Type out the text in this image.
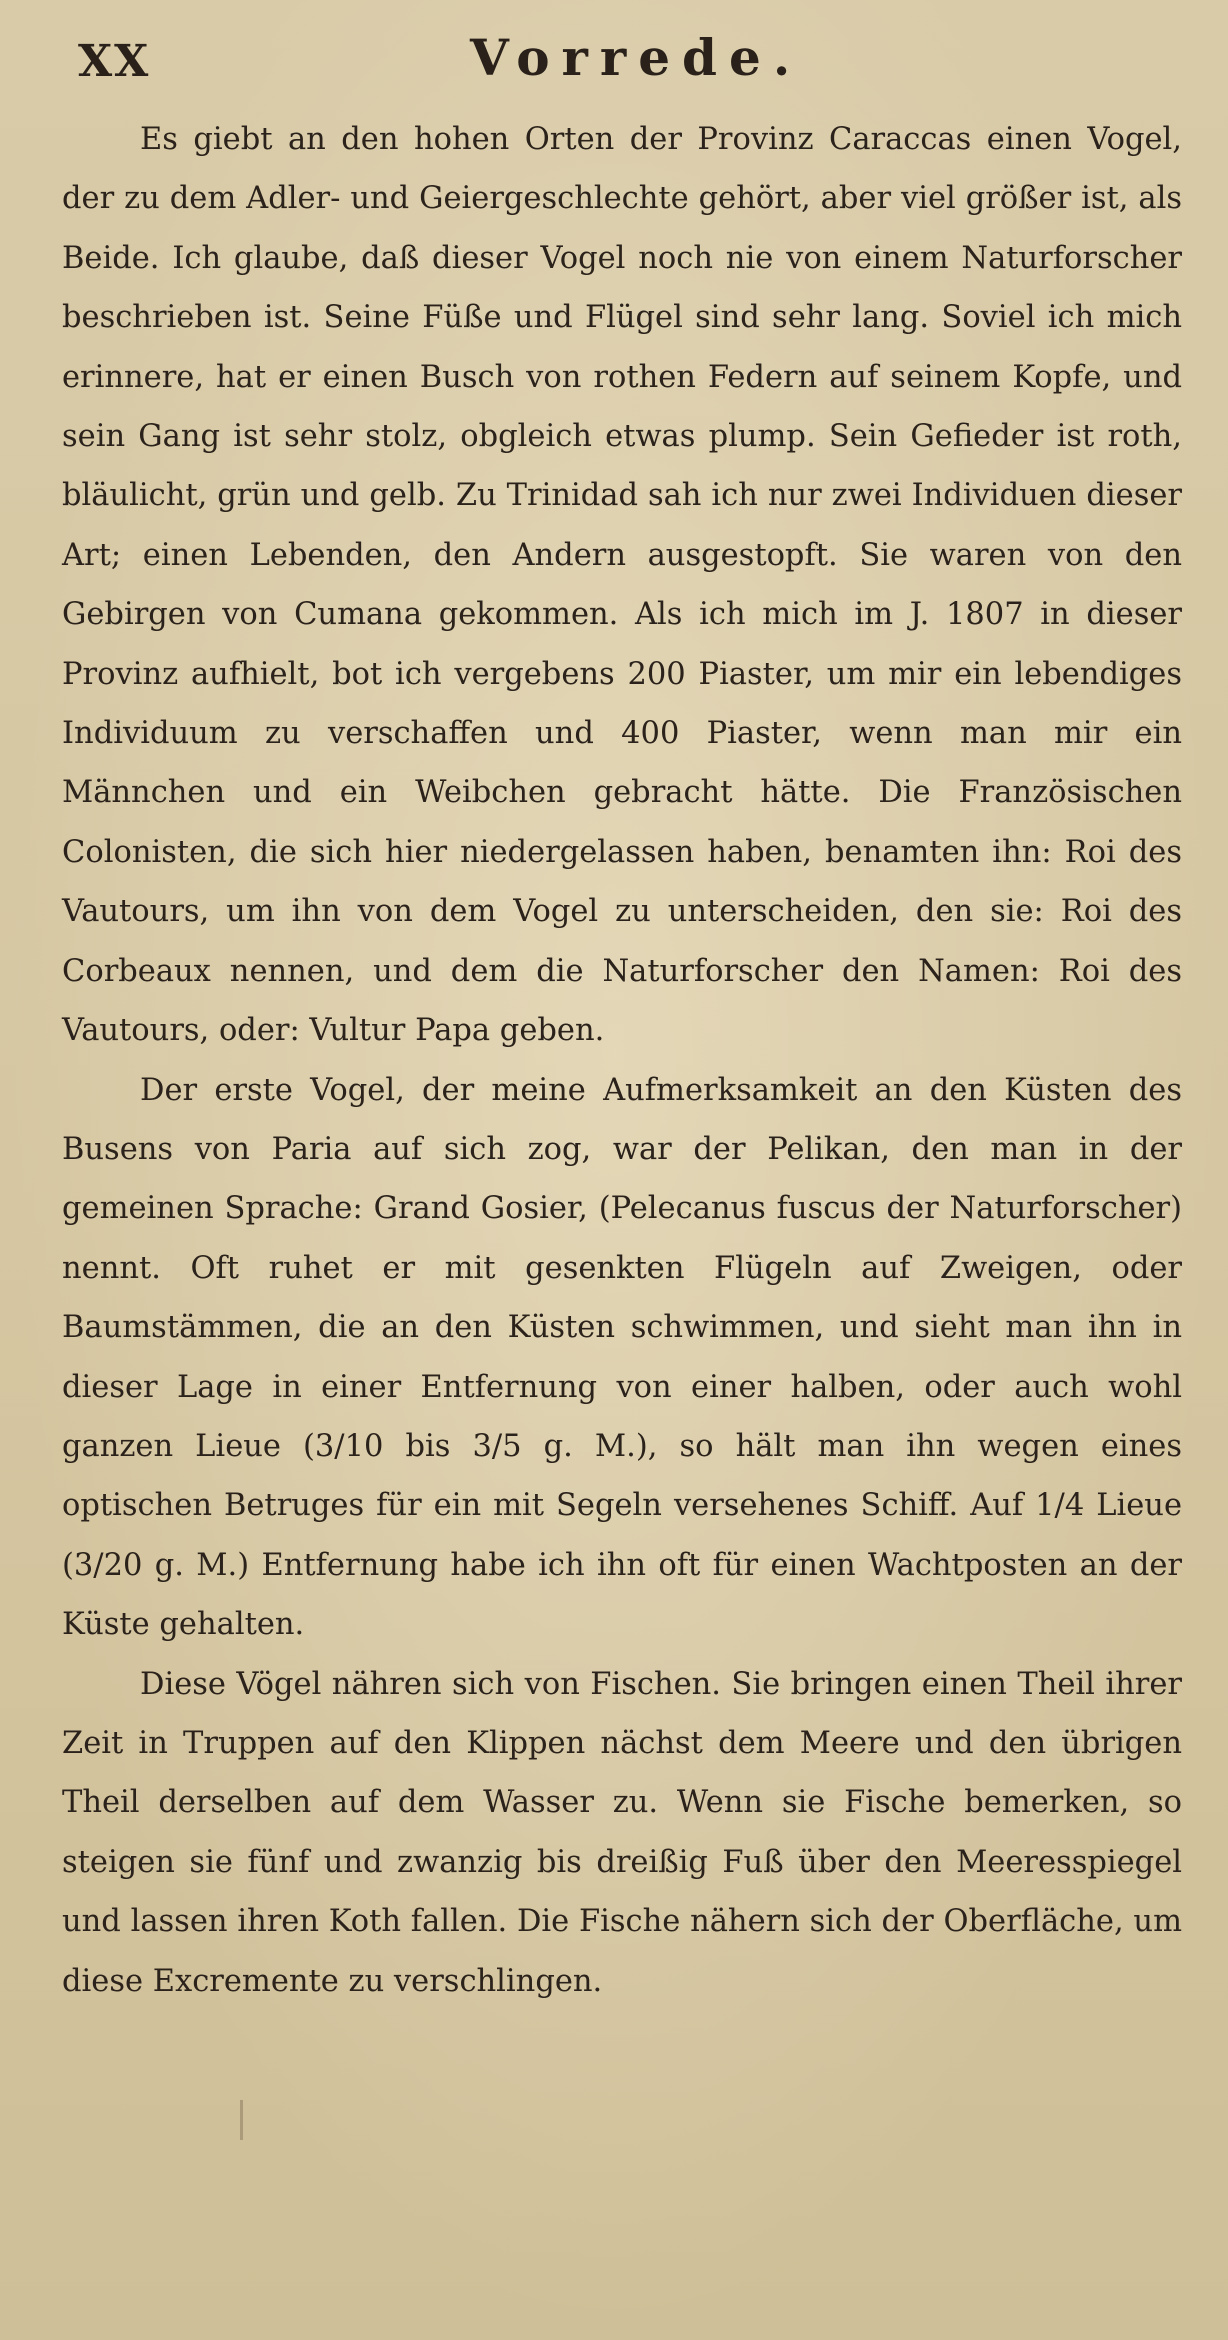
XX	Vorrede.

Es giebt an den hohen Orten der Provinz Caraccas einen Vogel, der zu dem Adler- und Geiergeschlechte gehört, aber viel größer ist, als Beide. Ich glaube, daß dieser Vogel noch nie von einem Naturforscher beschrieben ist. Seine Füße und Flügel sind sehr lang. Soviel ich mich erinnere, hat er einen Busch von rothen Federn auf seinem Kopfe, und sein Gang ist sehr stolz, obgleich etwas plump. Sein Gefieder ist roth, bläulicht, grün und gelb. Zu Trinidad sah ich nur zwei Individuen dieser Art; einen Lebenden, den Andern ausgestopft. Sie waren von den Gebirgen von Cumana gekommen. Als ich mich im J. 1807 in dieser Provinz aufhielt, bot ich vergebens 200 Piaster, um mir ein lebendiges Individuum zu verschaffen und 400 Piaster, wenn man mir ein Männchen und ein Weibchen gebracht hätte. Die Französischen Colonisten, die sich hier niedergelassen haben, benamten ihn: Roi des Vautours, um ihn von dem Vogel zu unterscheiden, den sie: Roi des Corbeaux nennen, und dem die Naturforscher den Namen: Roi des Vautours, oder: Vultur Papa geben.

Der erste Vogel, der meine Aufmerksamkeit an den Küsten des Busens von Paria auf sich zog, war der Pelikan, den man in der gemeinen Sprache: Grand Gosier, (Pelecanus fuscus der Naturforscher) nennt. Oft ruhet er mit gesenkten Flügeln auf Zweigen, oder Baumstämmen, die an den Küsten schwimmen, und sieht man ihn in dieser Lage in einer Entfernung von einer halben, oder auch wohl ganzen Lieue (3/10 bis 3/5 g. M.), so hält man ihn wegen eines optischen Betruges für ein mit Segeln versehenes Schiff. Auf 1/4 Lieue (3/20 g. M.) Entfernung habe ich ihn oft für einen Wachtposten an der Küste gehalten.

Diese Vögel nähren sich von Fischen. Sie bringen einen Theil ihrer Zeit in Truppen auf den Klippen nächst dem Meere und den übrigen Theil derselben auf dem Wasser zu. Wenn sie Fische bemerken, so steigen sie fünf und zwanzig bis dreißig Fuß über den Meeresspiegel und lassen ihren Koth fallen. Die Fische nähern sich der Oberfläche, um diese Excremente zu verschlingen.
